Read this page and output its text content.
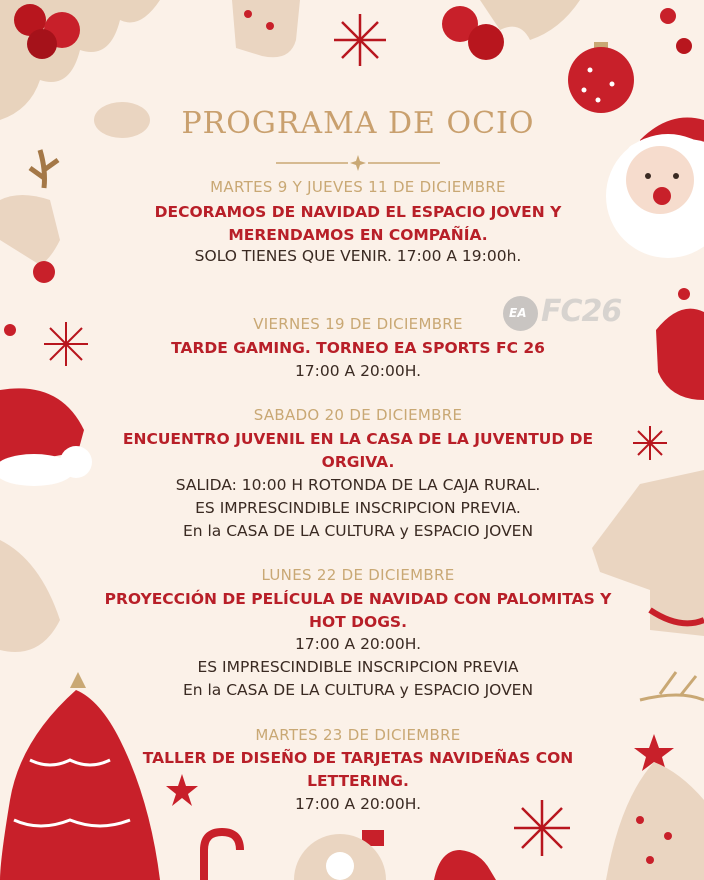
EA FC26
PROGRAMA DE OCIO
MARTES 9 Y JUEVES 11 DE DICIEMBRE
DECORAMOS DE NAVIDAD EL ESPACIO JOVEN Y
MERENDAMOS EN COMPAÑÍA.
SOLO TIENES QUE VENIR. 17:00 A 19:00h.
VIERNES 19 DE DICIEMBRE
TARDE GAMING. TORNEO EA SPORTS FC 26
17:00 A 20:00H.
SABADO 20 DE DICIEMBRE
ENCUENTRO JUVENIL EN LA CASA DE LA JUVENTUD DE
ORGIVA.
SALIDA: 10:00 H ROTONDA DE LA CAJA RURAL.
ES IMPRESCINDIBLE INSCRIPCION PREVIA.
En la CASA DE LA CULTURA y ESPACIO JOVEN
LUNES 22 DE DICIEMBRE
PROYECCIÓN DE PELÍCULA DE NAVIDAD CON PALOMITAS Y
HOT DOGS.
17:00 A 20:00H.
ES IMPRESCINDIBLE INSCRIPCION PREVIA
En la CASA DE LA CULTURA y ESPACIO JOVEN
MARTES 23 DE DICIEMBRE
TALLER DE DISEÑO DE TARJETAS NAVIDEÑAS CON
LETTERING.
17:00 A 20:00H.
